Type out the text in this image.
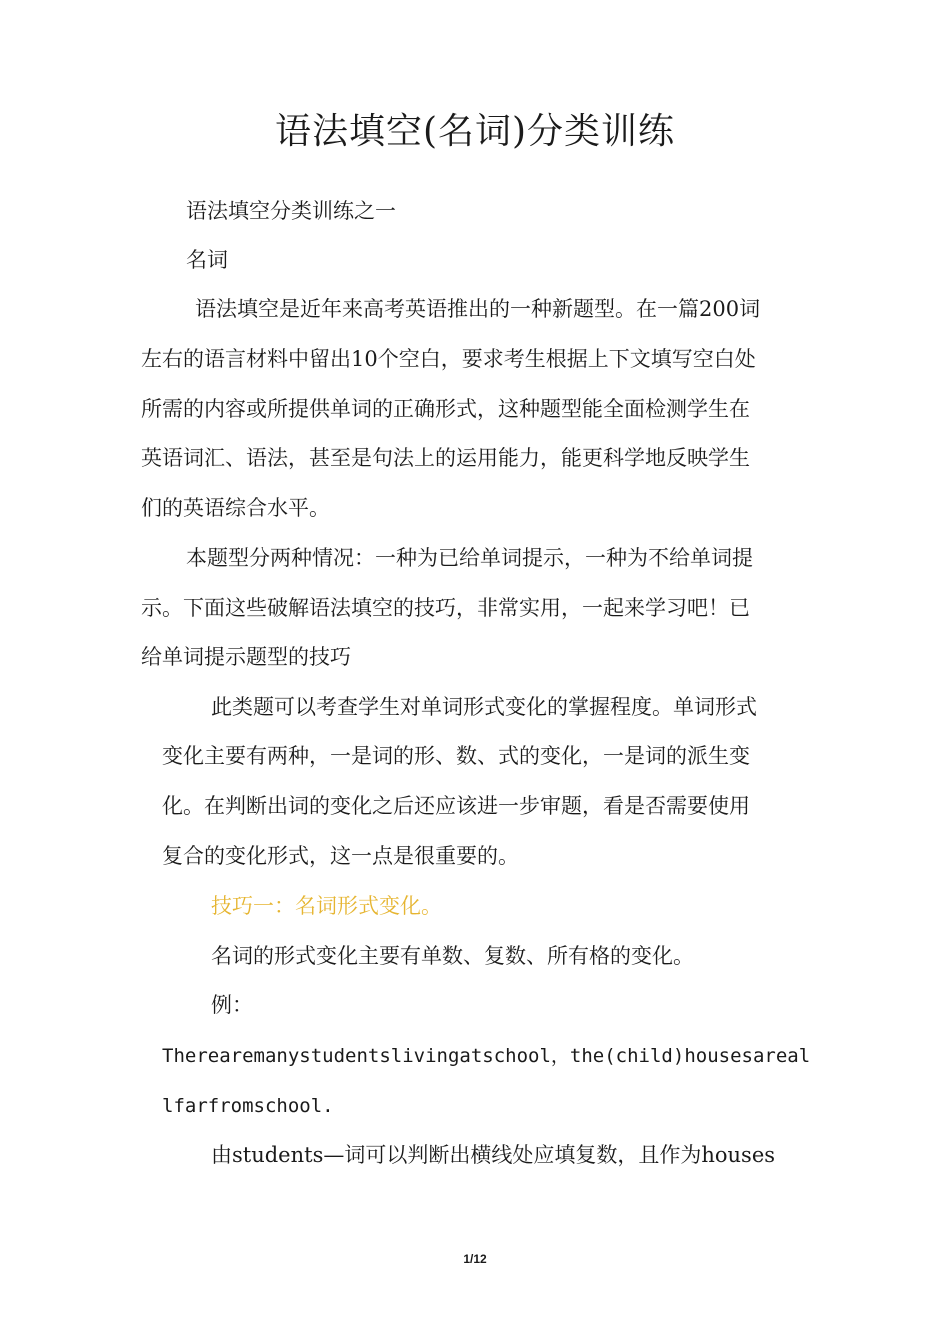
语法填空(名词)分类训练
语法填空分类训练之一
名词
语法填空是近年来高考英语推出的一种新题型。在一篇200词
左右的语言材料中留出10个空白，要求考生根据上下文填写空白处
所需的内容或所提供单词的正确形式，这种题型能全面检测学生在
英语词汇、语法，甚至是句法上的运用能力，能更科学地反映学生
们的英语综合水平。
本题型分两种情况：一种为已给单词提示，一种为不给单词提
示。下面这些破解语法填空的技巧，非常实用，一起来学习吧！已
给单词提示题型的技巧
此类题可以考查学生对单词形式变化的掌握程度。单词形式
变化主要有两种，一是词的形、数、式的变化，一是词的派生变
化。在判断出词的变化之后还应该进一步审题，看是否需要使用
复合的变化形式，这一点是很重要的。
技巧一：名词形式变化。
名词的形式变化主要有单数、复数、所有格的变化。
例：
Therearemanystudentslivingatschool，the(child)housesareal
lfarfromschool.
由students—词可以判断出横线处应填复数，且作为houses
1/12
